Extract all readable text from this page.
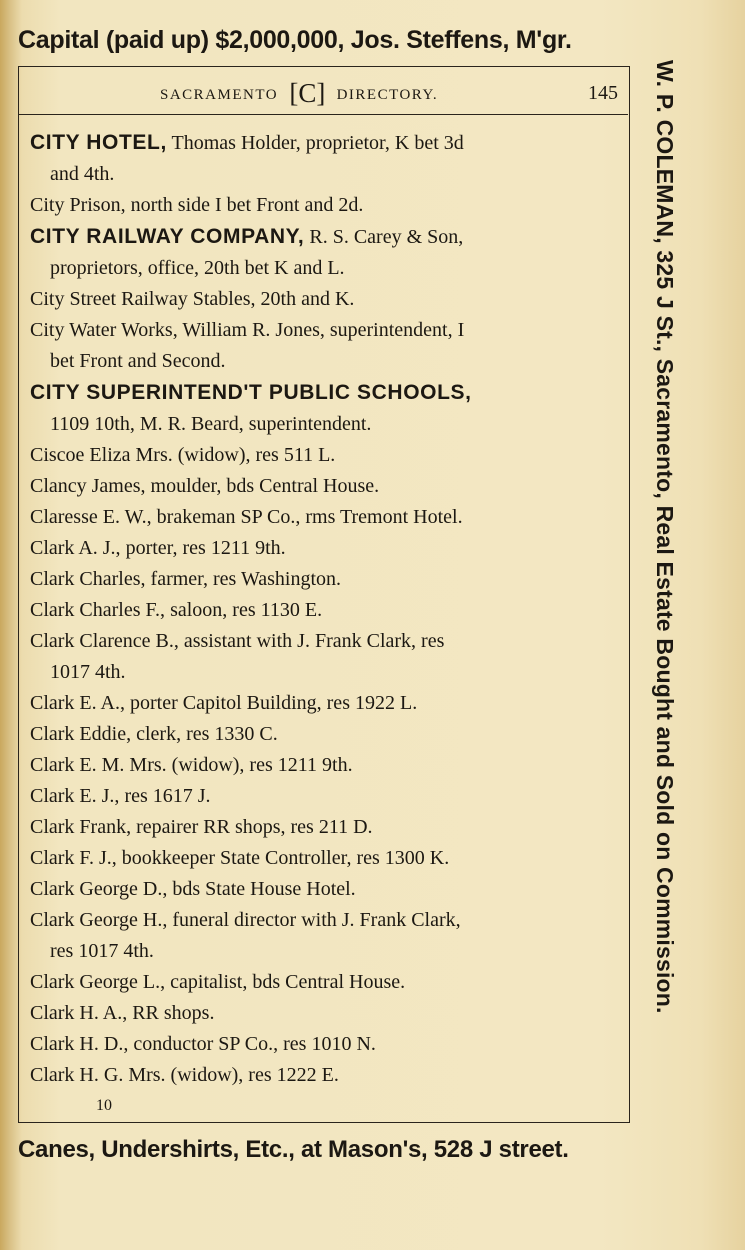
Capital (paid up) $2,000,000, Jos. Steffens, M'gr.
SACRAMENTO [C] DIRECTORY.	145
CITY HOTEL, Thomas Holder, proprietor, K bet 3d
and 4th.
City Prison, north side I bet Front and 2d.
CITY RAILWAY COMPANY, R. S. Carey & Son,
proprietors, office, 20th bet K and L.
City Street Railway Stables, 20th and K.
City Water Works, William R. Jones, superintendent, I
bet Front and Second.
CITY SUPERINTEND'T PUBLIC SCHOOLS,
1109 10th, M. R. Beard, superintendent.
Ciscoe Eliza Mrs. (widow), res 511 L.
Clancy James, moulder, bds Central House.
Claresse E. W., brakeman SP Co., rms Tremont Hotel.
Clark A. J., porter, res 1211 9th.
Clark Charles, farmer, res Washington.
Clark Charles F., saloon, res 1130 E.
Clark Clarence B., assistant with J. Frank Clark, res
1017 4th.
Clark E. A., porter Capitol Building, res 1922 L.
Clark Eddie, clerk, res 1330 C.
Clark E. M. Mrs. (widow), res 1211 9th.
Clark E. J., res 1617 J.
Clark Frank, repairer RR shops, res 211 D.
Clark F. J., bookkeeper State Controller, res 1300 K.
Clark George D., bds State House Hotel.
Clark George H., funeral director with J. Frank Clark,
res 1017 4th.
Clark George L., capitalist, bds Central House.
Clark H. A., RR shops.
Clark H. D., conductor SP Co., res 1010 N.
Clark H. G. Mrs. (widow), res 1222 E.
10
W. P. COLEMAN, 325 J St., Sacramento, Real Estate Bought and Sold on Commission.
Canes, Undershirts, Etc., at Mason's, 528 J street.
